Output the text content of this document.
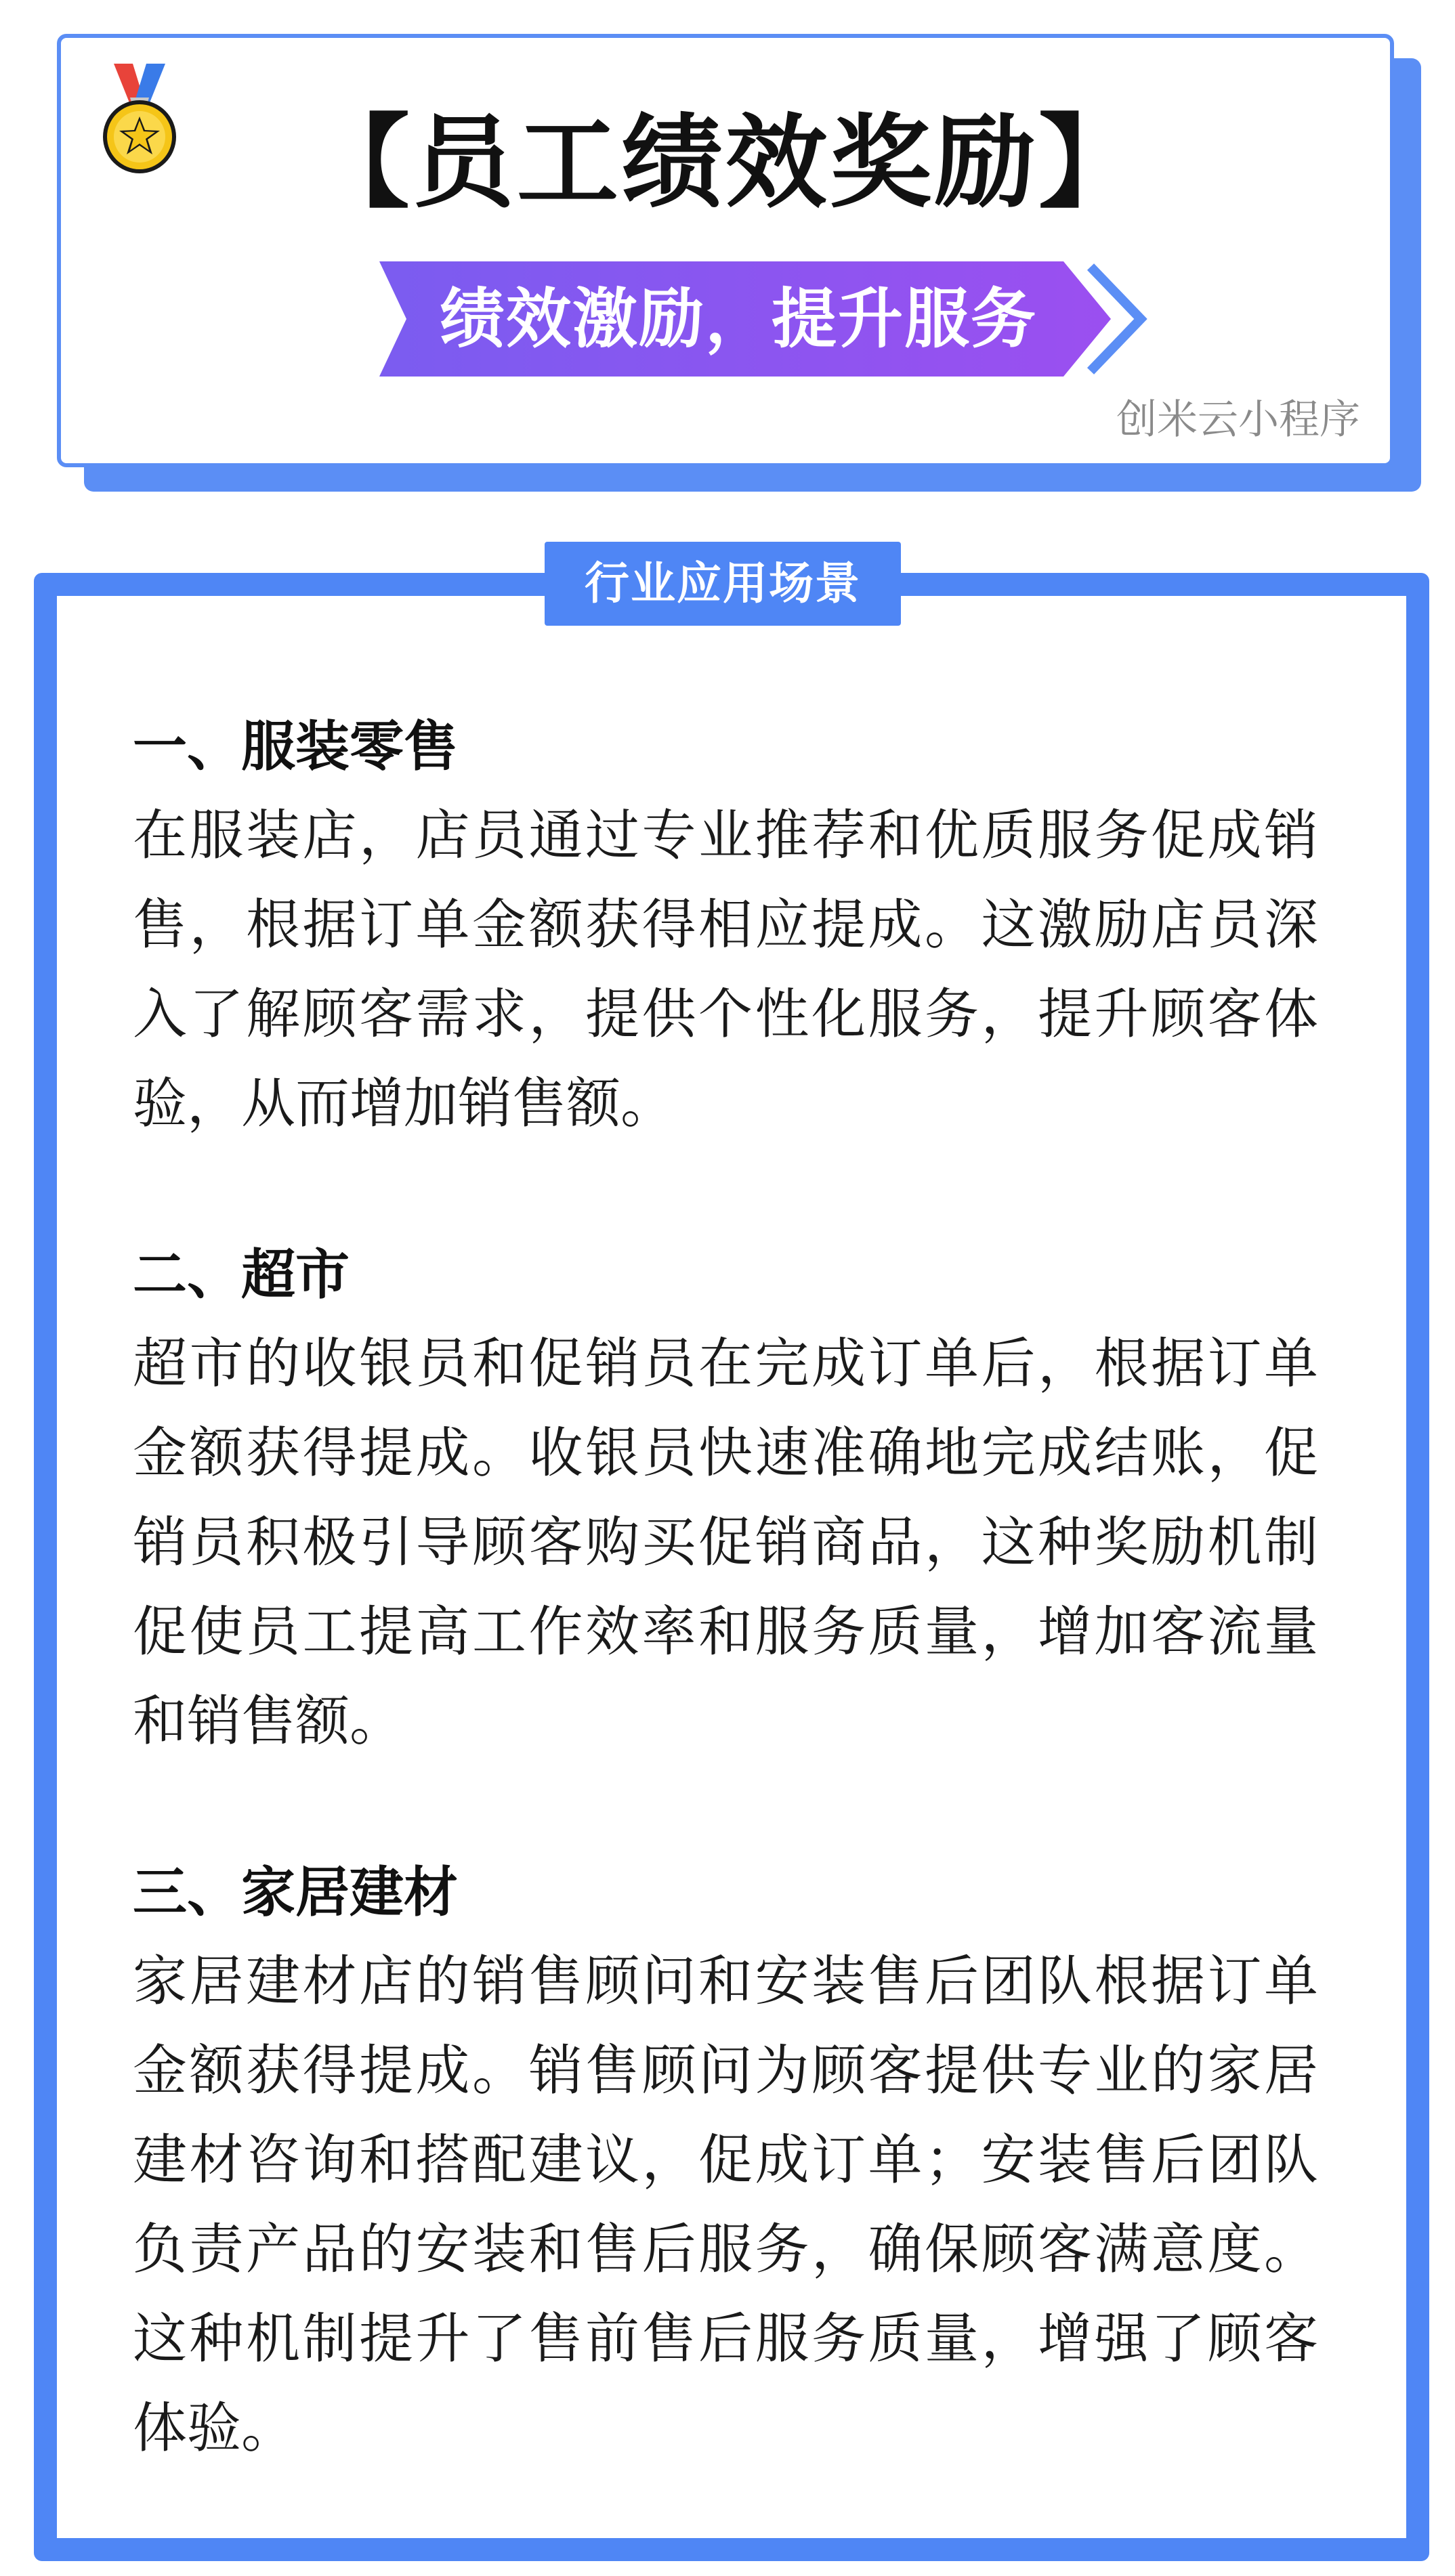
【员工绩效奖励】
绩效激励，提升服务
创米云小程序
行业应用场景

一、服装零售

在服装店，店员通过专业推荐和优质服务促成销售，根据订单金额获得相应提成。这激励店员深入了解顾客需求，提供个性化服务，提升顾客体验，从而增加销售额。

二、超市

超市的收银员和促销员在完成订单后，根据订单金额获得提成。收银员快速准确地完成结账，促销员积极引导顾客购买促销商品，这种奖励机制促使员工提高工作效率和服务质量，增加客流量和销售额。

三、家居建材

家居建材店的销售顾问和安装售后团队根据订单金额获得提成。销售顾问为顾客提供专业的家居建材咨询和搭配建议，促成订单；安装售后团队负责产品的安装和售后服务，确保顾客满意度。这种机制提升了售前售后服务质量，增强了顾客体验。
